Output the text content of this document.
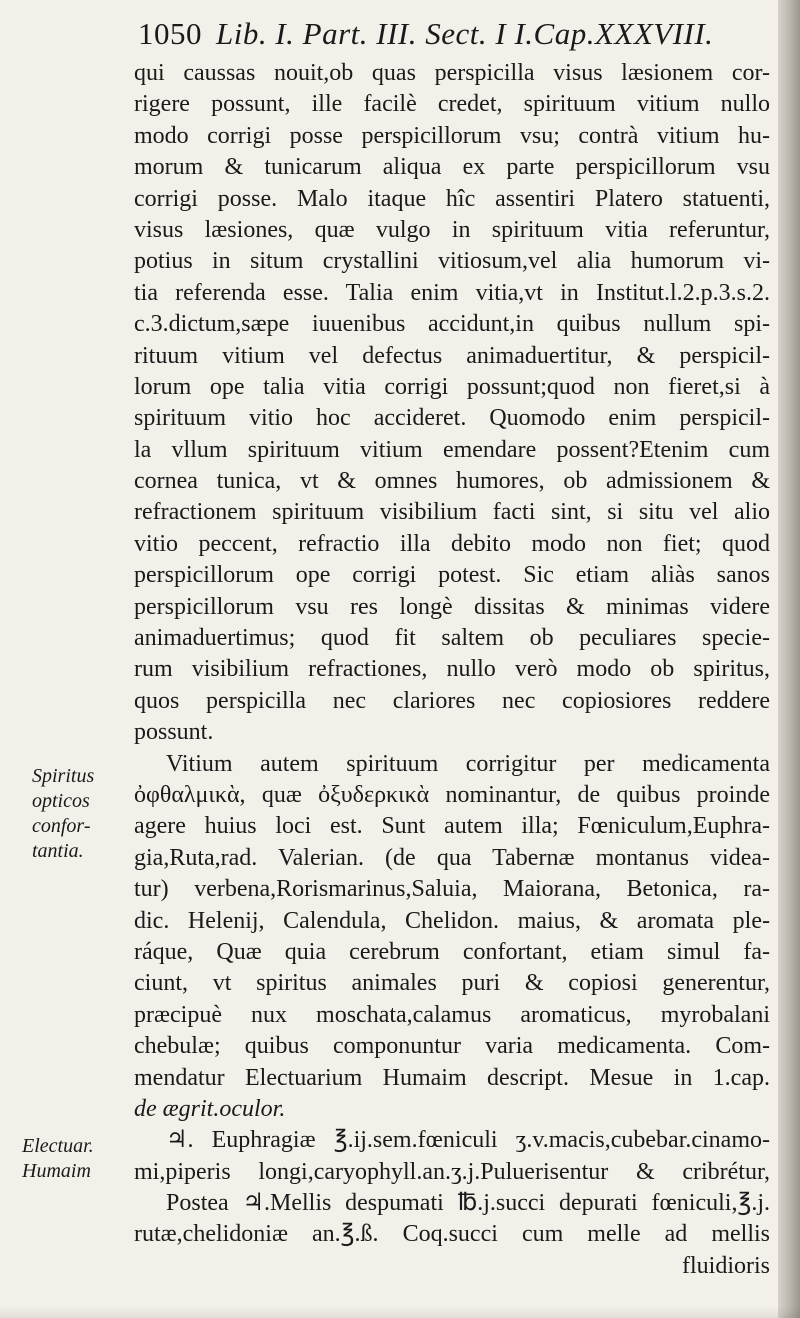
1050 Lib. I. Part. III. Sect. I I.Cap.XXXVIII.
qui caussas nouit,ob quas perspicilla visus læsionem cor-
rigere possunt, ille facilè credet, spirituum vitium nullo
modo corrigi posse perspicillorum vsu; contrà vitium hu-
morum & tunicarum aliqua ex parte perspicillorum vsu
corrigi posse. Malo itaque hîc assentiri Platero statuenti,
visus læsiones, quæ vulgo in spirituum vitia referuntur,
potius in situm crystallini vitiosum,vel alia humorum vi-
tia referenda esse. Talia enim vitia,vt in Institut.l.2.p.3.s.2.
c.3.dictum,sæpe iuuenibus accidunt,in quibus nullum spi-
rituum vitium vel defectus animaduertitur, & perspicil-
lorum ope talia vitia corrigi possunt;quod non fieret,si à
spirituum vitio hoc accideret. Quomodo enim perspicil-
la vllum spirituum vitium emendare possent?Etenim cum
cornea tunica, vt & omnes humores, ob admissionem &
refractionem spirituum visibilium facti sint, si situ vel alio
vitio peccent, refractio illa debito modo non fiet; quod
perspicillorum ope corrigi potest. Sic etiam aliàs sanos
perspicillorum vsu res longè dissitas & minimas videre
animaduertimus; quod fit saltem ob peculiares specie-
rum visibilium refractiones, nullo verò modo ob spiritus,
quos perspicilla nec clariores nec copiosiores reddere
possunt.
Vitium autem spirituum corrigitur per medicamenta
ὀφθαλμικὰ, quæ ὀξυδερκικὰ nominantur, de quibus proinde
agere huius loci est. Sunt autem illa; Fœniculum,Euphra-
gia,Ruta,rad. Valerian. (de qua Tabernæ montanus videa-
tur) verbena,Rorismarinus,Saluia, Maiorana, Betonica, ra-
dic. Helenij, Calendula, Chelidon. maius, & aromata ple-
ráque, Quæ quia cerebrum confortant, etiam simul fa-
ciunt, vt spiritus animales puri & copiosi generentur,
præcipuè nux moschata,calamus aromaticus, myrobalani
chebulæ; quibus componuntur varia medicamenta. Com-
mendatur Electuarium Humaim descript. Mesue in 1.cap.
de ægrit.oculor.
♃. Euphragiæ ℥.ij.sem.fœniculi ʒ.v.macis,cubebar.cinamo-
mi,piperis longi,caryophyll.an.ʒ.j.Puluerisentur & cribrétur,
Postea ♃.Mellis despumati ℔.j.succi depurati fœniculi,℥.j.
rutæ,chelidoniæ an.℥.ß. Coq.succi cum melle ad mellis
fluidioris
Spiritus
opticos
confor-
tantia.
Electuar.
Humaim
